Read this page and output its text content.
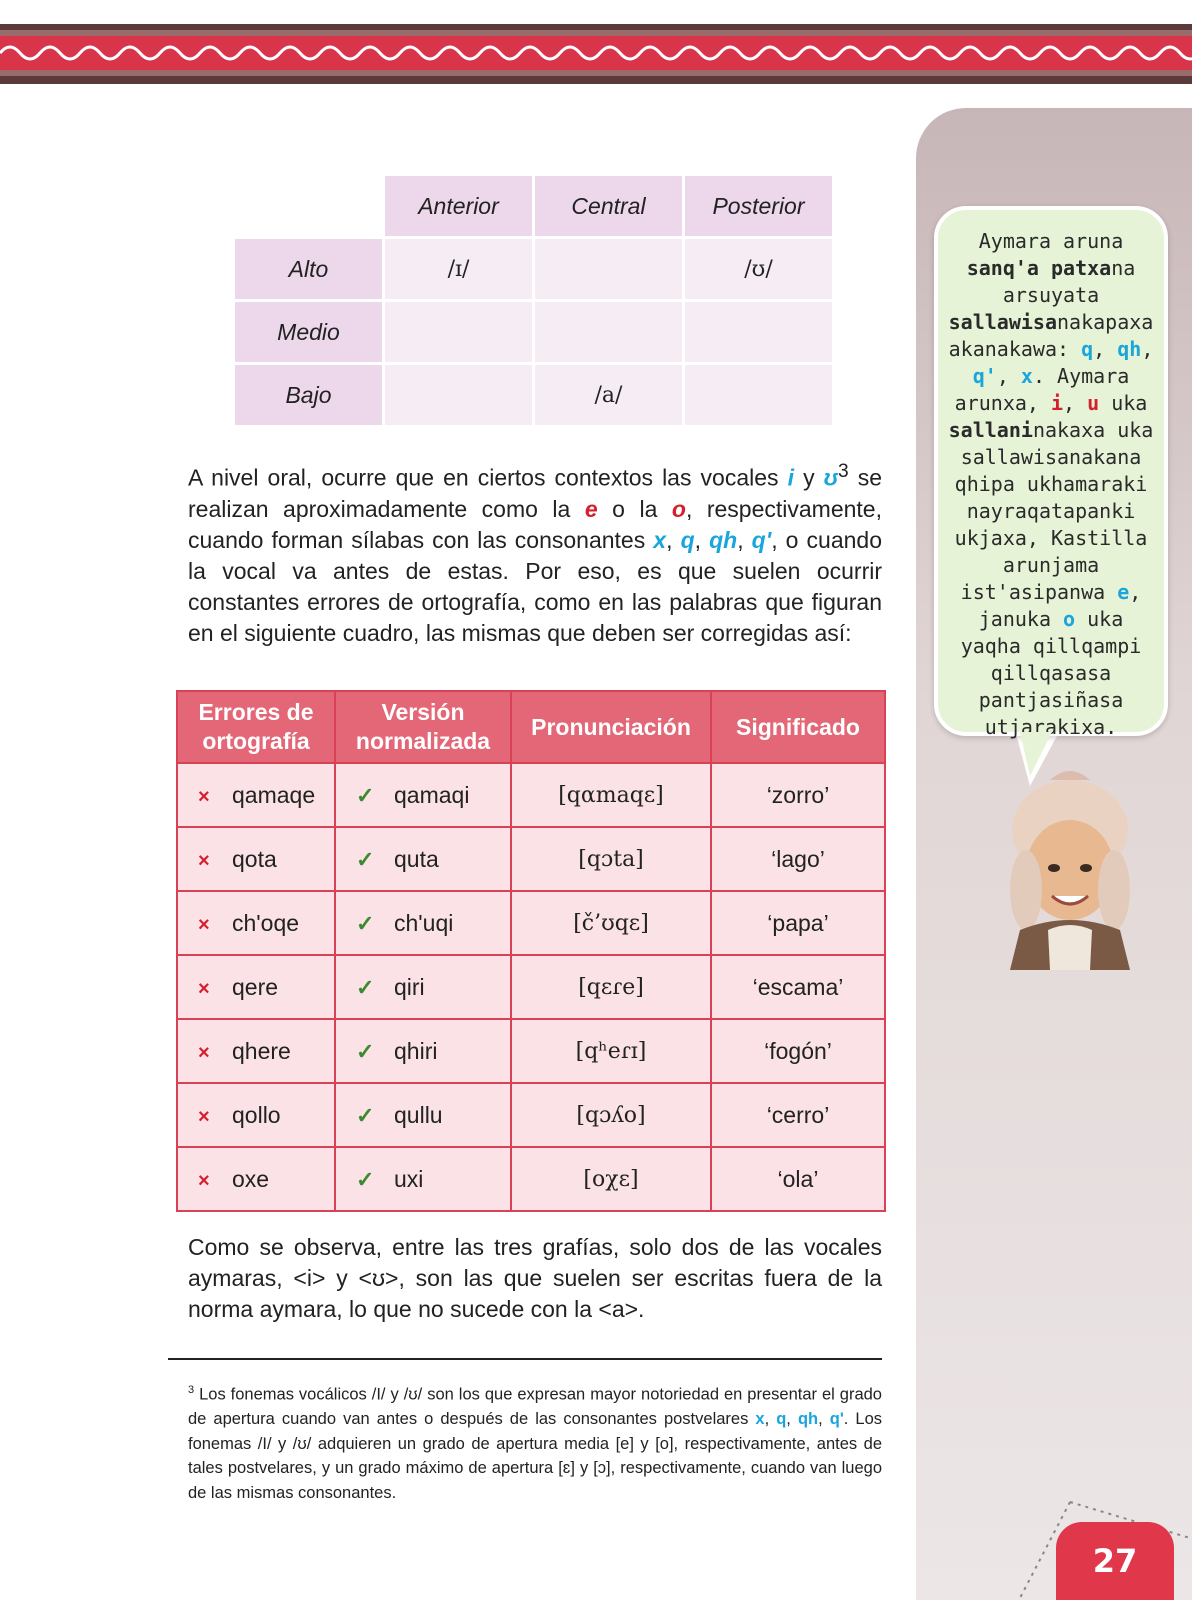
Aymara aruna sanq'a patxana arsuyata sallawisanakapaxa akanakawa: q, qh, q', x. Aymara arunxa, i, u uka sallaninakaxa uka sallawisanakana qhipa ukhamaraki nayraqatapanki ukjaxa, Kastilla arunjama ist'asipanwa e, januka o uka yaqha qillqampi qillqasasa pantjasiñasa utjarakixa.
27
	Anterior	Central	Posterior
Alto	/ɪ/		/ʊ/
Medio			
Bajo		/a/	

A nivel oral, ocurre que en ciertos contextos las vocales i y ʊ$^3$ se realizan aproximadamente como la e o la o, respectivamente, cuando forman sílabas con las consonantes x, q, qh, q', o cuando la vocal va antes de estas. Por eso, es que suelen ocurrir constantes errores de ortografía, como en las palabras que figuran en el siguiente cuadro, las mismas que deben ser corregidas así:

Errores de ortografía	Versión normalizada	Pronunciación	Significado
× qamaqe	✓ qamaqi	[qαmaqɛ]	‘zorro’
× qota	✓ quta	[qɔta]	‘lago’
× ch'oqe	✓ ch'uqi	[č’ʊqɛ]	‘papa’
× qere	✓ qiri	[qɛɾe]	‘escama’
× qhere	✓ qhiri	[qʰeɾɪ]	‘fogón’
× qollo	✓ qullu	[qɔʎo]	‘cerro’
× oxe	✓ uxi	[oχɛ]	‘ola’

Como se observa, entre las tres grafías, solo dos de las vocales aymaras, <i> y <ʊ>, son las que suelen ser escritas fuera de la norma aymara, lo que no sucede con la <a>.

$^3$ Los fonemas vocálicos /I/ y /ʊ/ son los que expresan mayor notoriedad en presentar el grado de apertura cuando van antes o después de las consonantes postvelares x, q, qh, q'. Los fonemas /I/ y /ʊ/ adquieren un grado de apertura media [e] y [o], respectivamente, antes de tales postvelares, y un grado máximo de apertura [ɛ] y [ɔ], respectivamente, cuando van luego de las mismas consonantes.
